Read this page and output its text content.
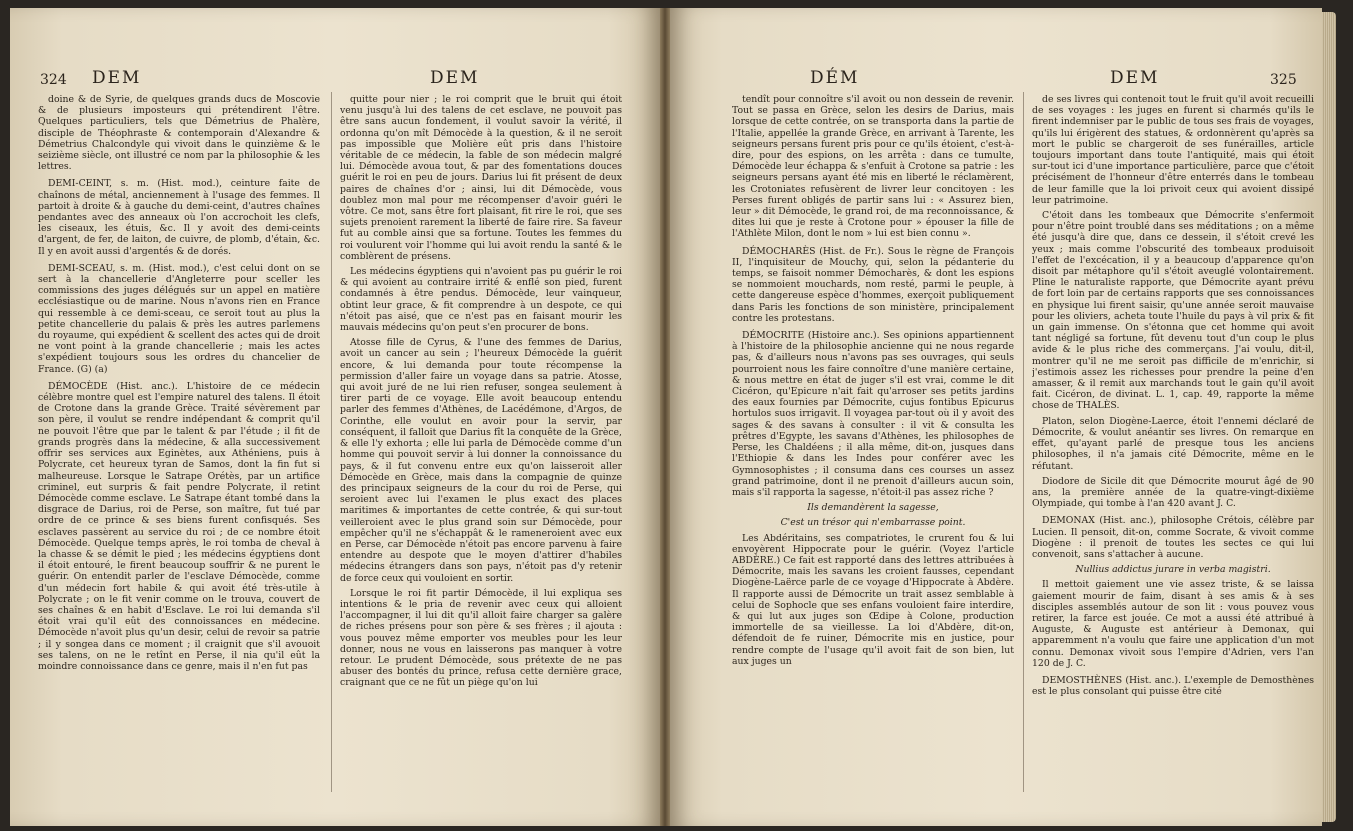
324 DEM	DEM

doine & de Syrie, de quelques grands ducs de Moscovie & de plusieurs imposteurs qui prétendirent l'être. Quelques particuliers, tels que Démetrius de Phalère, disciple de Théophraste & contemporain d'Alexandre & Démetrius Chalcondyle qui vivoit dans le quinzième & le seizième siècle, ont illustré ce nom par la philosophie & les lettres.

DEMI-CEINT, s. m. (Hist. mod.), ceinture faite de chaînons de métal, anciennement à l'usage des femmes. Il partoit à droite & à gauche du demi-ceint, d'autres chaînes pendantes avec des anneaux où l'on accrochoit les clefs, les ciseaux, les étuis, &c. Il y avoit des demi-ceints d'argent, de fer, de laiton, de cuivre, de plomb, d'étain, &c. Il y en avoit aussi d'argentés & de dorés.

DEMI-SCEAU, s. m. (Hist. mod.), c'est celui dont on se sert à la chancellerie d'Angleterre pour sceller les commissions des juges délégués sur un appel en matière ecclésiastique ou de marine. Nous n'avons rien en France qui ressemble à ce demi-sceau, ce seroit tout au plus la petite chancellerie du palais & près les autres parlemens du royaume, qui expédient & scellent des actes qui de droit ne vont point à la grande chancellerie ; mais les actes s'expédient toujours sous les ordres du chancelier de France. (G) (a)

DÉMOCÈDE (Hist. anc.). L'histoire de ce médecin célèbre montre quel est l'empire naturel des talens. Il étoit de Crotone dans la grande Grèce. Traité sévèrement par son père, il voulut se rendre indépendant & comprit qu'il ne pouvoit l'être que par le talent & par l'étude ; il fit de grands progrès dans la médecine, & alla successivement offrir ses services aux Eginètes, aux Athéniens, puis à Polycrate, cet heureux tyran de Samos, dont la fin fut si malheureuse. Lorsque le Satrape Orétès, par un artifice criminel, eut surpris & fait pendre Polycrate, il retint Démocède comme esclave. Le Satrape étant tombé dans la disgrace de Darius, roi de Perse, son maître, fut tué par ordre de ce prince & ses biens furent confisqués. Ses esclaves passèrent au service du roi ; de ce nombre étoit Démocède. Quelque temps après, le roi tomba de cheval à la chasse & se démit le pied ; les médecins égyptiens dont il étoit entouré, le firent beaucoup souffrir & ne purent le guérir. On entendit parler de l'esclave Démocède, comme d'un médecin fort habile & qui avoit été très-utile à Polycrate ; on le fit venir comme on le trouva, couvert de ses chaînes & en habit d'Esclave. Le roi lui demanda s'il étoit vrai qu'il eût des connoissances en médecine. Démocède n'avoit plus qu'un desir, celui de revoir sa patrie ; il y songea dans ce moment ; il craignit que s'il avouoit ses talens, on ne le retînt en Perse, il nia qu'il eût la moindre connoissance dans ce genre, mais il n'en fut pas

quitte pour nier ; le roi comprit que le bruit qui étoit venu jusqu'à lui des talens de cet esclave, ne pouvoit pas être sans aucun fondement, il voulut savoir la vérité, il ordonna qu'on mît Démocède à la question, & il ne seroit pas impossible que Molière eût pris dans l'histoire véritable de ce médecin, la fable de son médecin malgré lui. Démocède avoua tout, & par des fomentations douces guérit le roi en peu de jours. Darius lui fit présent de deux paires de chaînes d'or ; ainsi, lui dit Démocède, vous doublez mon mal pour me récompenser d'avoir guéri le vôtre. Ce mot, sans être fort plaisant, fit rire le roi, que ses sujets prenoient rarement la liberté de faire rire. Sa faveur fut au comble ainsi que sa fortune. Toutes les femmes du roi voulurent voir l'homme qui lui avoit rendu la santé & le comblèrent de présens.

Les médecins égyptiens qui n'avoient pas pu guérir le roi & qui avoient au contraire irrité & enflé son pied, furent condamnés à être pendus. Démocède, leur vainqueur, obtint leur grace, & fit comprendre à un despote, ce qui n'étoit pas aisé, que ce n'est pas en faisant mourir les mauvais médecins qu'on peut s'en procurer de bons.

Atosse fille de Cyrus, & l'une des femmes de Darius, avoit un cancer au sein ; l'heureux Démocède la guérit encore, & lui demanda pour toute récompense la permission d'aller faire un voyage dans sa patrie. Atosse, qui avoit juré de ne lui rien refuser, songea seulement à tirer parti de ce voyage. Elle avoit beaucoup entendu parler des femmes d'Athènes, de Lacédémone, d'Argos, de Corinthe, elle voulut en avoir pour la servir, par conséquent, il falloit que Darius fît la conquête de la Grèce, & elle l'y exhorta ; elle lui parla de Démocède comme d'un homme qui pouvoit servir à lui donner la connoissance du pays, & il fut convenu entre eux qu'on laisseroit aller Démocède en Grèce, mais dans la compagnie de quinze des principaux seigneurs de la cour du roi de Perse, qui seroient avec lui l'examen le plus exact des places maritimes & importantes de cette contrée, & qui sur-tout veilleroient avec le plus grand soin sur Démocède, pour empêcher qu'il ne s'échappât & le rameneroient avec eux en Perse, car Démocède n'étoit pas encore parvenu à faire entendre au despote que le moyen d'attirer d'habiles médecins étrangers dans son pays, n'étoit pas d'y retenir de force ceux qui vouloient en sortir.

Lorsque le roi fit partir Démocède, il lui expliqua ses intentions & le pria de revenir avec ceux qui alloient l'accompagner, il lui dit qu'il alloit faire charger sa galère de riches présens pour son père & ses frères ; il ajouta : vous pouvez même emporter vos meubles pour les leur donner, nous ne vous en laisserons pas manquer à votre retour. Le prudent Démocède, sous prétexte de ne pas abuser des bontés du prince, refusa cette dernière grace, craignant que ce ne fût un piège qu'on lui

DÉM	DEM	325

tendît pour connoître s'il avoit ou non dessein de revenir. Tout se passa en Grèce, selon les desirs de Darius, mais lorsque de cette contrée, on se transporta dans la partie de l'Italie, appellée la grande Grèce, en arrivant à Tarente, les seigneurs persans furent pris pour ce qu'ils étoient, c'est-à-dire, pour des espions, on les arrêta : dans ce tumulte, Démocède leur échappa & s'enfuit à Crotone sa patrie : les seigneurs persans ayant été mis en liberté le réclamèrent, les Crotoniates refusèrent de livrer leur concitoyen : les Perses furent obligés de partir sans lui : « Assurez bien, leur » dit Démocède, le grand roi, de ma reconnoissance, & dites lui que je reste à Crotone pour » épouser la fille de l'Athlète Milon, dont le nom » lui est bien connu ».

DÉMOCHARÈS (Hist. de Fr.). Sous le règne de François II, l'inquisiteur de Mouchy, qui, selon la pédanterie du temps, se faisoit nommer Démocharès, & dont les espions se nommoient mouchards, nom resté, parmi le peuple, à cette dangereuse espèce d'hommes, exerçoit publiquement dans Paris les fonctions de son ministère, principalement contre les protestans.

DÉMOCRITE (Histoire anc.). Ses opinions appartiennent à l'histoire de la philosophie ancienne qui ne nous regarde pas, & d'ailleurs nous n'avons pas ses ouvrages, qui seuls pourroient nous les faire connoître d'une manière certaine, & nous mettre en état de juger s'il est vrai, comme le dit Cicéron, qu'Epicure n'ait fait qu'arroser ses petits jardins des eaux fournies par Démocrite, cujus fontibus Epicurus hortulos suos irrigavit. Il voyagea par-tout où il y avoit des sages & des savans à consulter : il vit & consulta les prêtres d'Egypte, les savans d'Athènes, les philosophes de Perse, les Chaldéens ; il alla même, dit-on, jusques dans l'Ethiopie & dans les Indes pour conférer avec les Gymnosophistes ; il consuma dans ces courses un assez grand patrimoine, dont il ne prenoit d'ailleurs aucun soin, mais s'il rapporta la sagesse, n'étoit-il pas assez riche ?

Ils demandèrent la sagesse,

C'est un trésor qui n'embarrasse point.

Les Abdéritains, ses compatriotes, le crurent fou & lui envoyèrent Hippocrate pour le guérir. (Voyez l'article ABDÈRE.) Ce fait est rapporté dans des lettres attribuées à Démocrite, mais les savans les croient fausses, cependant Diogène-Laërce parle de ce voyage d'Hippocrate à Abdère. Il rapporte aussi de Démocrite un trait assez semblable à celui de Sophocle que ses enfans vouloient faire interdire, & qui lut aux juges son Œdipe à Colone, production immortelle de sa vieillesse. La loi d'Abdère, dit-on, défendoit de fe ruiner, Démocrite mis en justice, pour rendre compte de l'usage qu'il avoit fait de son bien, lut aux juges un

de ses livres qui contenoit tout le fruit qu'il avoit recueilli de ses voyages : les juges en furent si charmés qu'ils le firent indemniser par le public de tous ses frais de voyages, qu'ils lui érigèrent des statues, & ordonnèrent qu'après sa mort le public se chargeroit de ses funérailles, article toujours important dans toute l'antiquité, mais qui étoit sur-tout ici d'une importance particulière, parce que c'étoit précisément de l'honneur d'être enterrés dans le tombeau de leur famille que la loi privoit ceux qui avoient dissipé leur patrimoine.

C'étoit dans les tombeaux que Démocrite s'enfermoit pour n'être point troublé dans ses méditations ; on a même été jusqu'à dire que, dans ce dessein, il s'étoit crevé les yeux ; mais comme l'obscurité des tombeaux produisoit l'effet de l'excécation, il y a beaucoup d'apparence qu'on disoit par métaphore qu'il s'étoit aveuglé volontairement. Pline le naturaliste rapporte, que Démocrite ayant prévu de fort loin par de certains rapports que ses connoissances en physique lui firent saisir, qu'une année seroit mauvaise pour les oliviers, acheta toute l'huile du pays à vil prix & fit un gain immense. On s'étonna que cet homme qui avoit tant négligé sa fortune, fût devenu tout d'un coup le plus avide & le plus riche des commerçans. J'ai voulu, dit-il, montrer qu'il ne me seroit pas difficile de m'enrichir, si j'estimois assez les richesses pour prendre la peine d'en amasser, & il remit aux marchands tout le gain qu'il avoit fait. Cicéron, de divinat. L. 1, cap. 49, rapporte la même chose de THALÈS.

Platon, selon Diogène-Laerce, étoit l'ennemi déclaré de Démocrite, & voulut anéantir ses livres. On remarque en effet, qu'ayant parlé de presque tous les anciens philosophes, il n'a jamais cité Démocrite, même en le réfutant.

Diodore de Sicile dit que Démocrite mourut âgé de 90 ans, la première année de la quatre-vingt-dixième Olympiade, qui tombe à l'an 420 avant J. C.

DEMONAX (Hist. anc.), philosophe Crétois, célèbre par Lucien. Il pensoit, dit-on, comme Socrate, & vivoit comme Diogène : il prenoit de toutes les sectes ce qui lui convenoit, sans s'attacher à aucune.

Nullius addictus jurare in verba magistri.

Il mettoit gaiement une vie assez triste, & se laissa gaiement mourir de faim, disant à ses amis & à ses disciples assemblés autour de son lit : vous pouvez vous retirer, la farce est jouée. Ce mot a aussi été attribué à Auguste, & Auguste est antérieur à Demonax, qui apparemment n'a voulu que faire une application d'un mot connu. Demonax vivoit sous l'empire d'Adrien, vers l'an 120 de J. C.

DEMOSTHÈNES (Hist. anc.). L'exemple de Demosthènes est le plus consolant qui puisse être cité
